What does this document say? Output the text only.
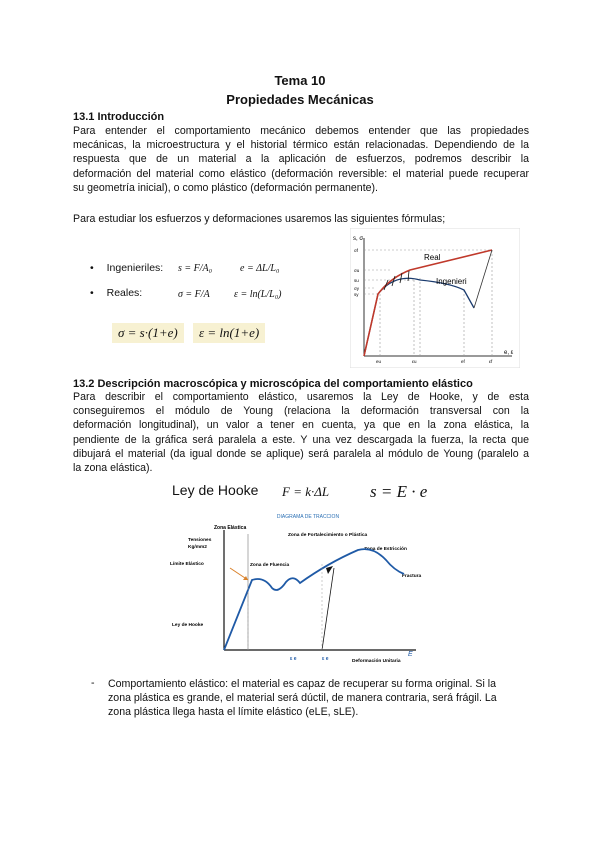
Tema 10
Propiedades Mecánicas
13.1 Introducción
Para entender el comportamiento mecánico debemos entender que las propiedades
mecánicas, la microestructura y el historial térmico están relacionadas. Dependiendo de la
respuesta que de un material a la aplicación de esfuerzos, podremos describir la
deformación del material como elástico (deformación reversible: el material puede recuperar
su geometría inicial), o como plástico (deformación permanente).
Para estudiar los esfuerzos y deformaciones usaremos las siguientes fórmulas;
• Ingenieriles: s = F/A₀	e = ΔL/L₀
• Reales:	σ = F/A ε = ln(L/L₀)
σ = s·(1+e)	ε = ln(1+e)
s, σ
e, ε
Real
Ingenieri
σf
σu
su
σy
sy
eu	εu	ef	εf
13.2 Descripción macroscópica y microscópica del comportamiento elástico
Para describir el comportamiento elástico, usaremos la Ley de Hooke, y de esta
conseguiremos el módulo de Young (relaciona la deformación transversal con la
deformación longitudinal), un valor a tener en cuenta, ya que en la zona elástica, la
pendiente de la gráfica será paralela a este. Y una vez descargada la fuerza, la recta que
dibujará el material (da igual donde se aplique) será paralela al módulo de Young (paralelo a
la zona elástica).
Ley de Hooke F = k·ΔL s = E · e
DIAGRAMA DE TRACCION
Zona Elástica
Tensiones
Kg/mm2
Zona de Fortalecimiento o Plástica
Zona de Estricción
Límite Elástico	Zona de Fluencia
Ley de Hooke
Fractura
ε e	ε e	Deformación Unitaria
E
- Comportamiento elástico: el material es capaz de recuperar su forma original. Si la
zona plástica es grande, el material será dúctil, de manera contraria, será frágil. La
zona plástica llega hasta el límite elástico (eLE, sLE).
